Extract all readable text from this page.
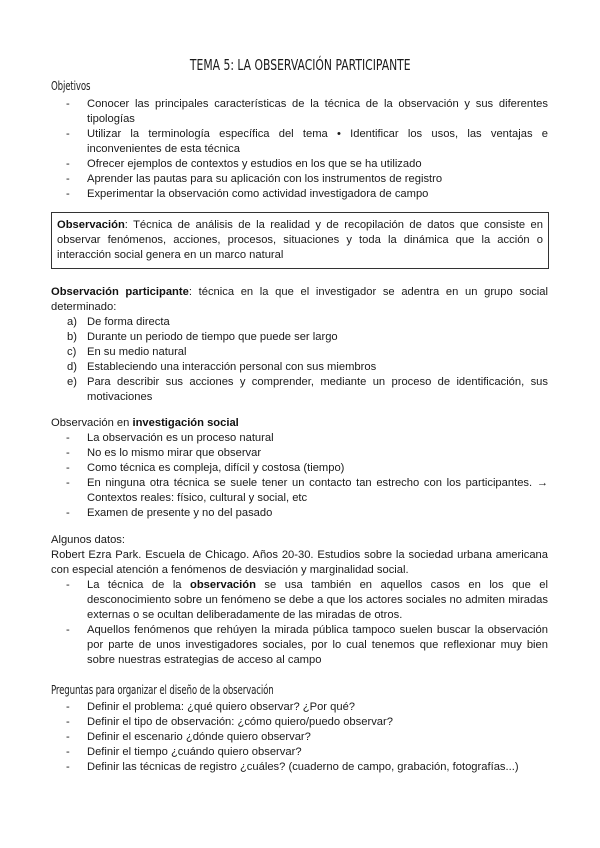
TEMA 5: LA OBSERVACIÓN PARTICIPANTE
Objetivos
- Conocer las principales características de la técnica de la observación y sus diferentes tipologías
- Utilizar la terminología específica del tema • Identificar los usos, las ventajas e inconvenientes de esta técnica
- Ofrecer ejemplos de contextos y estudios en los que se ha utilizado
- Aprender las pautas para su aplicación con los instrumentos de registro
- Experimentar la observación como actividad investigadora de campo
Observación: Técnica de análisis de la realidad y de recopilación de datos que consiste en observar fenómenos, acciones, procesos, situaciones y toda la dinámica que la acción o interacción social genera en un marco natural
Observación participante: técnica en la que el investigador se adentra en un grupo social determinado:
a) De forma directa
b) Durante un periodo de tiempo que puede ser largo
c) En su medio natural
d) Estableciendo una interacción personal con sus miembros
e) Para describir sus acciones y comprender, mediante un proceso de identificación, sus motivaciones
Observación en investigación social
- La observación es un proceso natural
- No es lo mismo mirar que observar
- Como técnica es compleja, difícil y costosa (tiempo)
- En ninguna otra técnica se suele tener un contacto tan estrecho con los participantes. → Contextos reales: físico, cultural y social, etc
- Examen de presente y no del pasado
Algunos datos:
Robert Ezra Park. Escuela de Chicago. Años 20-30. Estudios sobre la sociedad urbana americana con especial atención a fenómenos de desviación y marginalidad social.
- La técnica de la observación se usa también en aquellos casos en los que el desconocimiento sobre un fenómeno se debe a que los actores sociales no admiten miradas externas o se ocultan deliberadamente de las miradas de otros.
- Aquellos fenómenos que rehúyen la mirada pública tampoco suelen buscar la observación por parte de unos investigadores sociales, por lo cual tenemos que reflexionar muy bien sobre nuestras estrategias de acceso al campo
Preguntas para organizar el diseño de la observación
- Definir el problema: ¿qué quiero observar? ¿Por qué?
- Definir el tipo de observación: ¿cómo quiero/puedo observar?
- Definir el escenario ¿dónde quiero observar?
- Definir el tiempo ¿cuándo quiero observar?
- Definir las técnicas de registro ¿cuáles? (cuaderno de campo, grabación, fotografías...)
